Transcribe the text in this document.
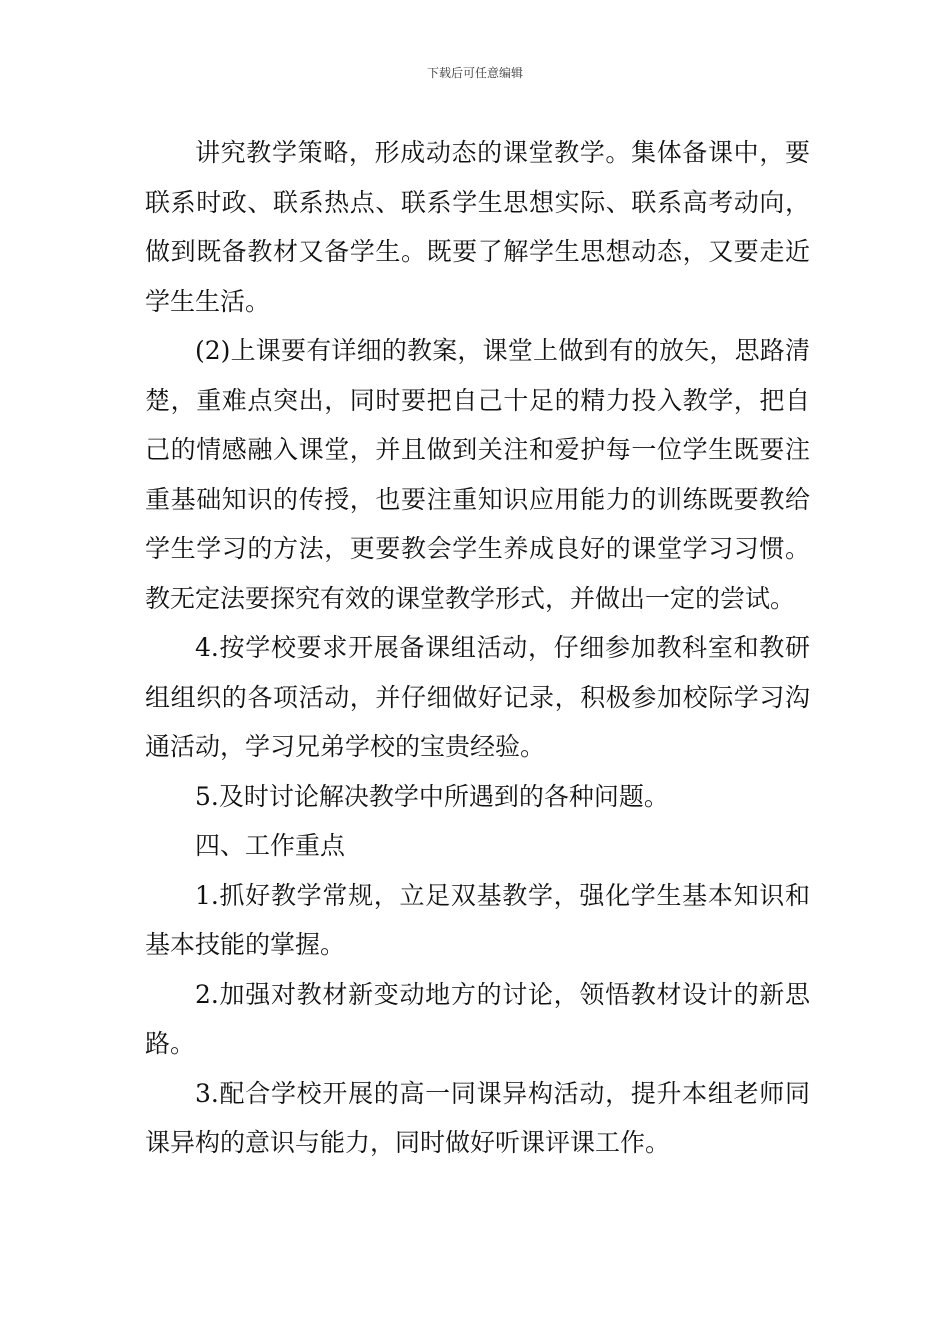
下载后可任意编辑

讲究教学策略，形成动态的课堂教学。集体备课中，要联系时政、联系热点、联系学生思想实际、联系高考动向，做到既备教材又备学生。既要了解学生思想动态，又要走近学生生活。

(2)上课要有详细的教案，课堂上做到有的放矢，思路清楚，重难点突出，同时要把自己十足的精力投入教学，把自己的情感融入课堂，并且做到关注和爱护每一位学生既要注重基础知识的传授，也要注重知识应用能力的训练既要教给学生学习的方法，更要教会学生养成良好的课堂学习习惯。教无定法要探究有效的课堂教学形式，并做出一定的尝试。

4.按学校要求开展备课组活动，仔细参加教科室和教研组组织的各项活动，并仔细做好记录，积极参加校际学习沟通活动，学习兄弟学校的宝贵经验。

5.及时讨论解决教学中所遇到的各种问题。

四、工作重点

1.抓好教学常规，立足双基教学，强化学生基本知识和基本技能的掌握。

2.加强对教材新变动地方的讨论，领悟教材设计的新思路。

3.配合学校开展的高一同课异构活动，提升本组老师同课异构的意识与能力，同时做好听课评课工作。
